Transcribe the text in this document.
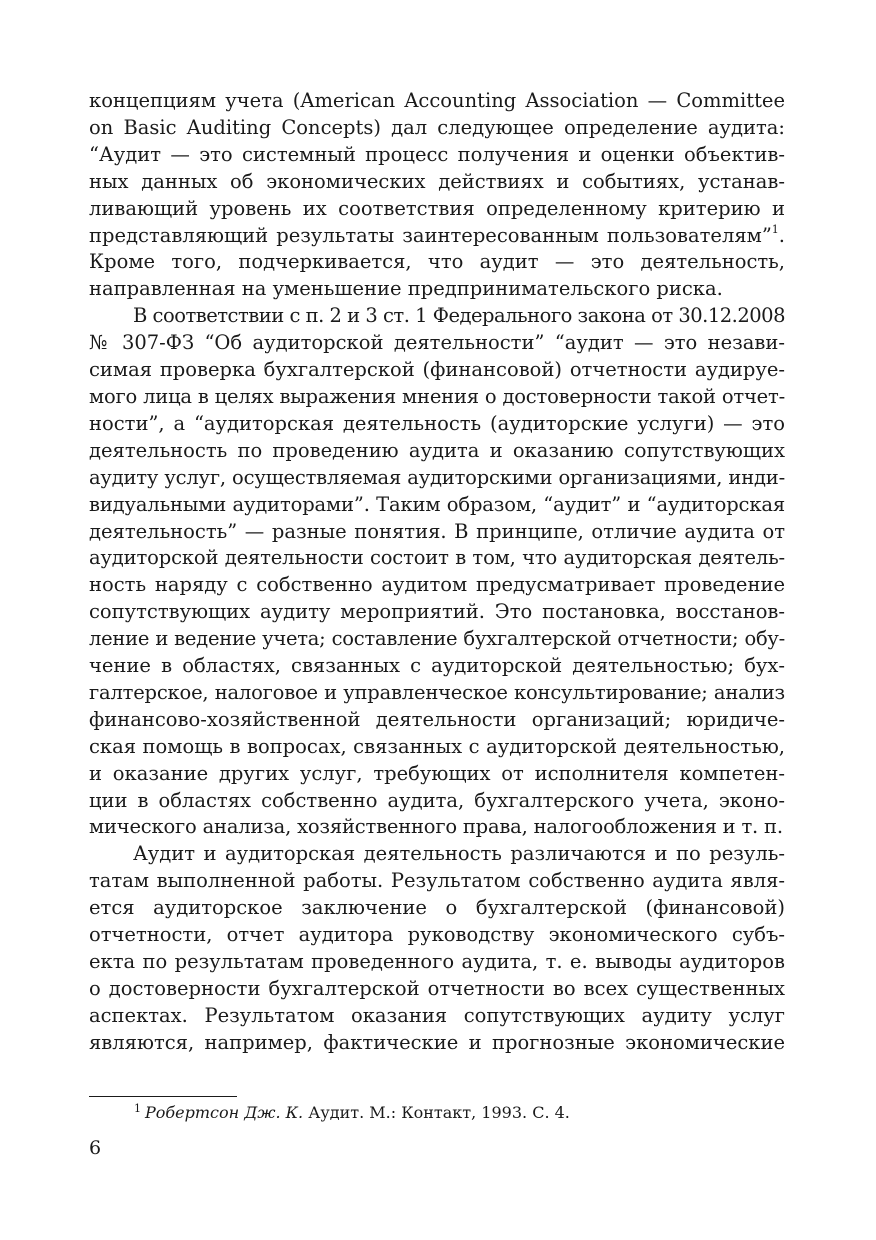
концепциям учета (American Accounting Association — Committee
on Basic Auditing Concepts) дал следующее определение аудита:
“Аудит — это системный процесс получения и оценки объектив-
ных данных об экономических действиях и событиях, устанав-
ливающий уровень их соответствия определенному критерию и
представляющий результаты заинтересованным пользователям”$^1$.
Кроме того, подчеркивается, что аудит — это деятельность,
направленная на уменьшение предпринимательского риска.

В соответствии с п. 2 и 3 ст. 1 Федерального закона от 30.12.2008
№ 307-ФЗ “Об аудиторской деятельности” “аудит — это незави-
симая проверка бухгалтерской (финансовой) отчетности аудируе-
мого лица в целях выражения мнения о достоверности такой отчет-
ности”, а “аудиторская деятельность (аудиторские услуги) — это
деятельность по проведению аудита и оказанию сопутствующих
аудиту услуг, осуществляемая аудиторскими организациями, инди-
видуальными аудиторами”. Таким образом, “аудит” и “аудиторская
деятельность” — разные понятия. В принципе, отличие аудита от
аудиторской деятельности состоит в том, что аудиторская деятель-
ность наряду с собственно аудитом предусматривает проведение
сопутствующих аудиту мероприятий. Это постановка, восстанов-
ление и ведение учета; составление бухгалтерской отчетности; обу-
чение в областях, связанных с аудиторской деятельностью; бух-
галтерское, налоговое и управленческое консультирование; анализ
финансово-хозяйственной деятельности организаций; юридиче-
ская помощь в вопросах, связанных с аудиторской деятельностью,
и оказание других услуг, требующих от исполнителя компетен-
ции в областях собственно аудита, бухгалтерского учета, эконо-
мического анализа, хозяйственного права, налогообложения и т. п.

Аудит и аудиторская деятельность различаются и по резуль-
татам выполненной работы. Результатом собственно аудита явля-
ется аудиторское заключение о бухгалтерской (финансовой)
отчетности, отчет аудитора руководству экономического субъ-
екта по результатам проведенного аудита, т. е. выводы аудиторов
о достоверности бухгалтерской отчетности во всех существенных
аспектах. Результатом оказания сопутствующих аудиту услуг
являются, например, фактические и прогнозные экономические

$^1$ Робертсон Дж. К. Аудит. М.: Контакт, 1993. С. 4.
6
